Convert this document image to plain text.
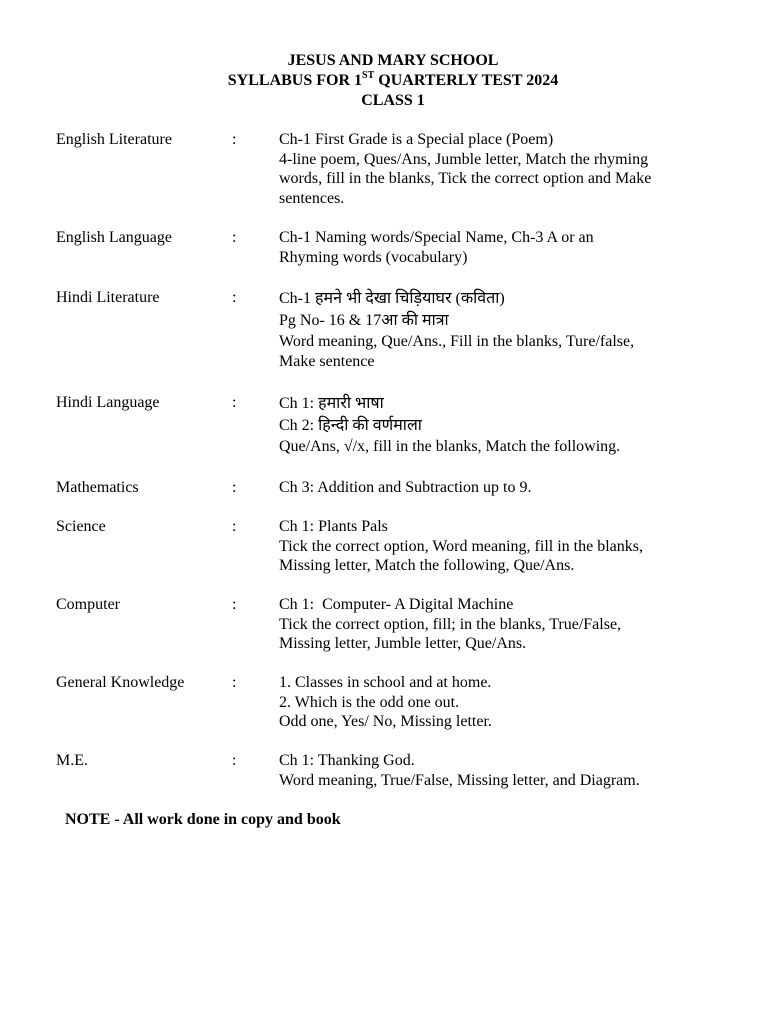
JESUS AND MARY SCHOOL
SYLLABUS FOR 1ST QUARTERLY TEST 2024
CLASS 1
English Literature	:	Ch-1 First Grade is a Special place (Poem)
4-line poem, Ques/Ans, Jumble letter, Match the rhyming
words, fill in the blanks, Tick the correct option and Make
sentences.
English Language	:	Ch-1 Naming words/Special Name, Ch-3 A or an
Rhyming words (vocabulary)
Hindi Literature	:	Ch-1 हमने भी देखा चिड़ियाघर (कविता)
Pg No- 16 & 17आ की मात्रा
Word meaning, Que/Ans., Fill in the blanks, Ture/false,
Make sentence
Hindi Language	:	Ch 1: हमारी भाषा
Ch 2: हिन्दी की वर्णमाला
Que/Ans, √/x, fill in the blanks, Match the following.
Mathematics	:	Ch 3: Addition and Subtraction up to 9.
Science	:	Ch 1: Plants Pals
Tick the correct option, Word meaning, fill in the blanks,
Missing letter, Match the following, Que/Ans.
Computer	:	Ch 1:  Computer- A Digital Machine
Tick the correct option, fill; in the blanks, True/False,
Missing letter, Jumble letter, Que/Ans.
General Knowledge	:	1. Classes in school and at home.
2. Which is the odd one out.
Odd one, Yes/ No, Missing letter.
M.E.	:	Ch 1: Thanking God.
Word meaning, True/False, Missing letter, and Diagram.
NOTE - All work done in copy and book
